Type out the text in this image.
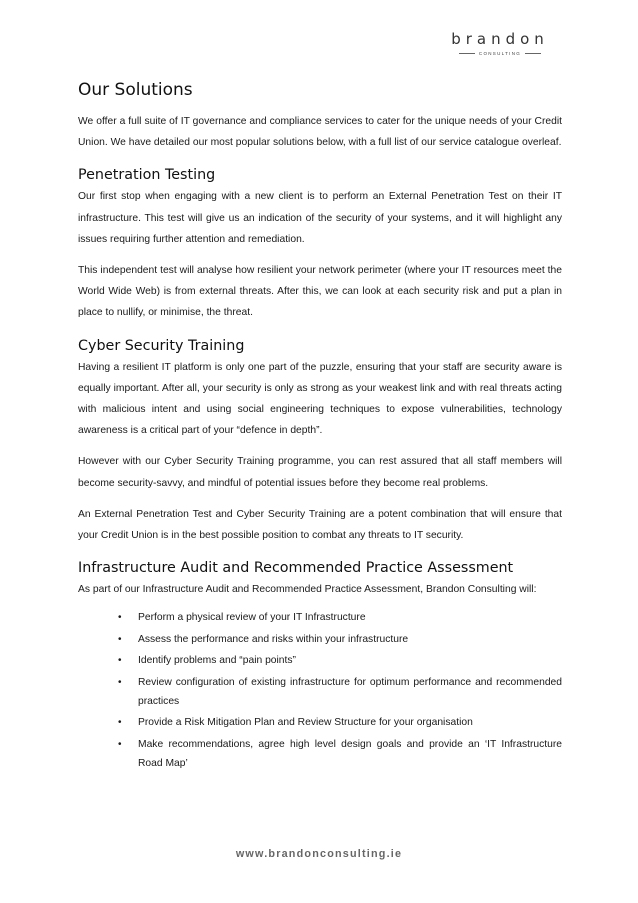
brandon
CONSULTING
Our Solutions

We offer a full suite of IT governance and compliance services to cater for the unique needs of your Credit Union. We have detailed our most popular solutions below, with a full list of our service catalogue overleaf.

Penetration Testing

Our first stop when engaging with a new client is to perform an External Penetration Test on their IT infrastructure. This test will give us an indication of the security of your systems, and it will highlight any issues requiring further attention and remediation.

This independent test will analyse how resilient your network perimeter (where your IT resources meet the World Wide Web) is from external threats. After this, we can look at each security risk and put a plan in place to nullify, or minimise, the threat.

Cyber Security Training

Having a resilient IT platform is only one part of the puzzle, ensuring that your staff are security aware is equally important. After all, your security is only as strong as your weakest link and with real threats acting with malicious intent and using social engineering techniques to expose vulnerabilities, technology awareness is a critical part of your “defence in depth”.

However with our Cyber Security Training programme, you can rest assured that all staff members will become security-savvy, and mindful of potential issues before they become real problems.

An External Penetration Test and Cyber Security Training are a potent combination that will ensure that your Credit Union is in the best possible position to combat any threats to IT security.

Infrastructure Audit and Recommended Practice Assessment

As part of our Infrastructure Audit and Recommended Practice Assessment, Brandon Consulting will:

• Perform a physical review of your IT Infrastructure
• Assess the performance and risks within your infrastructure
• Identify problems and “pain points”
• Review configuration of existing infrastructure for optimum performance and recommended practices
• Provide a Risk Mitigation Plan and Review Structure for your organisation
• Make recommendations, agree high level design goals and provide an ‘IT Infrastructure Road Map’
www.brandonconsulting.ie
